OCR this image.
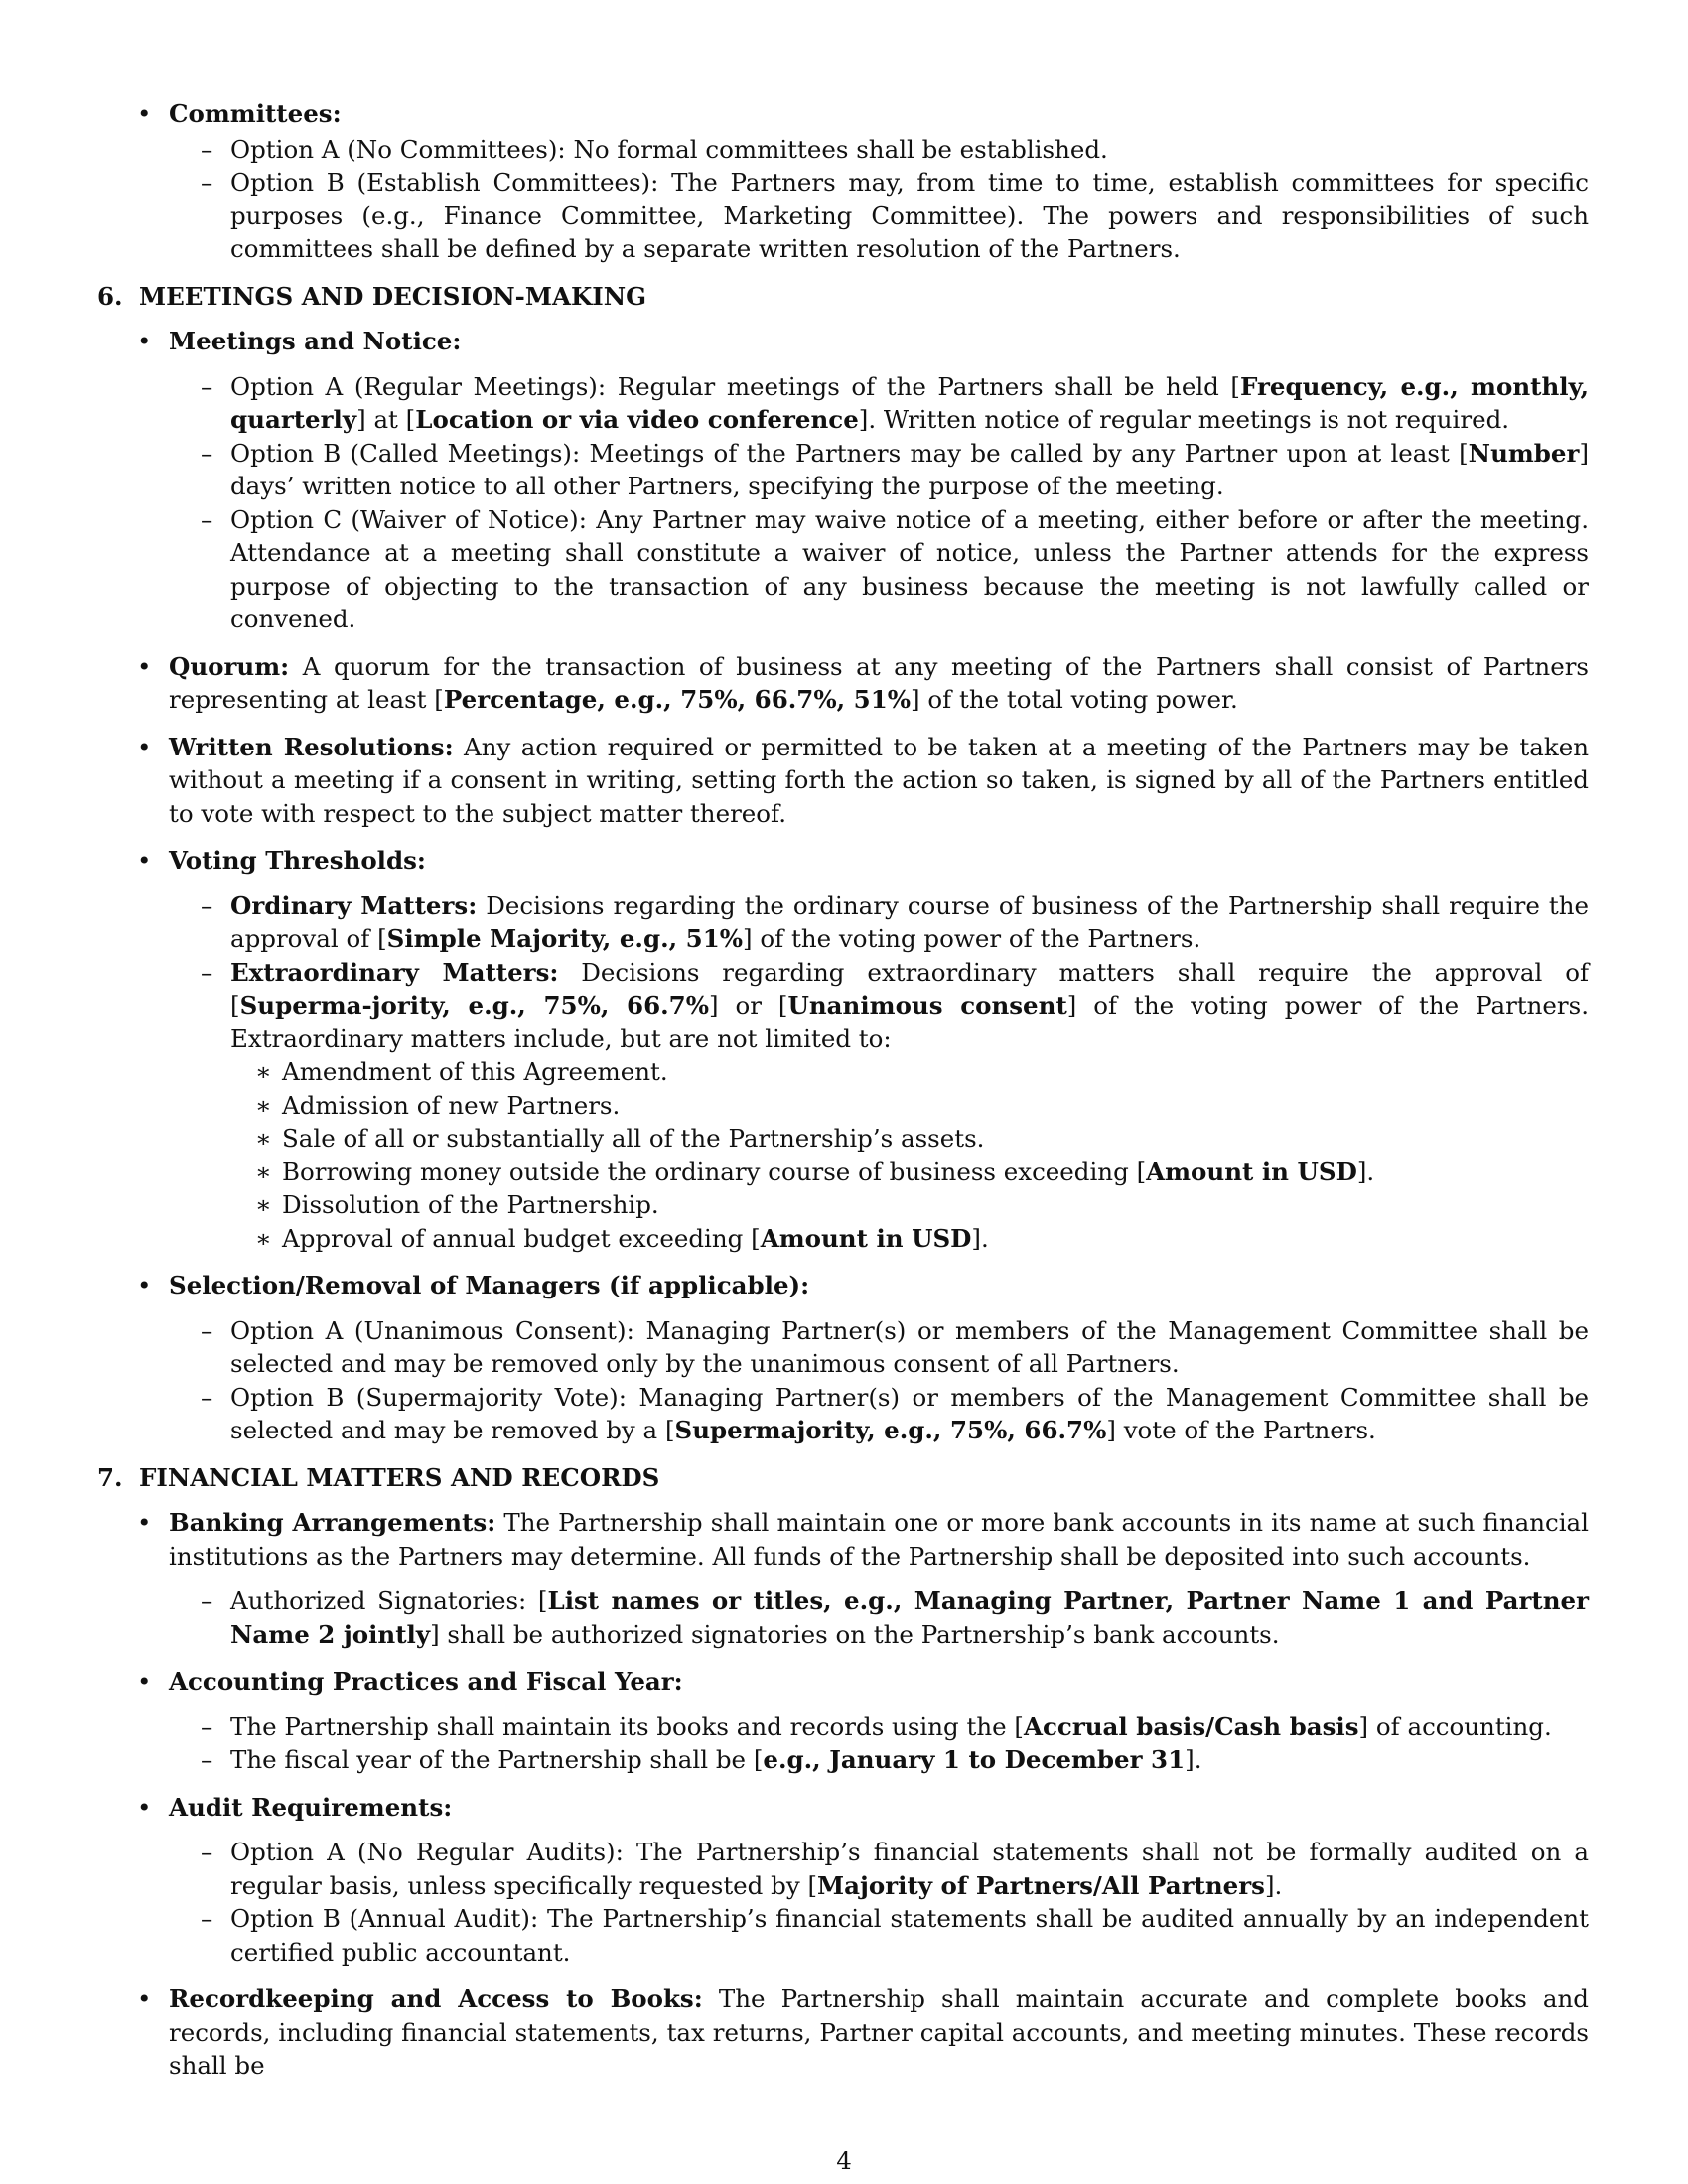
• Committees:
– Option A (No Committees): No formal committees shall be established.
– Option B (Establish Committees): The Partners may, from time to time, establish committees for specific purposes (e.g., Finance Committee, Marketing Committee). The powers and responsibilities of such committees shall be defined by a separate written resolution of the Partners.
6. MEETINGS AND DECISION-MAKING
• Meetings and Notice:
– Option A (Regular Meetings): Regular meetings of the Partners shall be held [Frequency, e.g., monthly, quarterly] at [Location or via video conference]. Written notice of regular meetings is not required.
– Option B (Called Meetings): Meetings of the Partners may be called by any Partner upon at least [Number] days’ written notice to all other Partners, specifying the purpose of the meeting.
– Option C (Waiver of Notice): Any Partner may waive notice of a meeting, either before or after the meeting. Attendance at a meeting shall constitute a waiver of notice, unless the Partner attends for the express purpose of objecting to the transaction of any business because the meeting is not lawfully called or convened.
• Quorum: A quorum for the transaction of business at any meeting of the Partners shall consist of Partners representing at least [Percentage, e.g., 75%, 66.7%, 51%] of the total voting power.
• Written Resolutions: Any action required or permitted to be taken at a meeting of the Partners may be taken without a meeting if a consent in writing, setting forth the action so taken, is signed by all of the Partners entitled to vote with respect to the subject matter thereof.
• Voting Thresholds:
– Ordinary Matters: Decisions regarding the ordinary course of business of the Partnership shall require the approval of [Simple Majority, e.g., 51%] of the voting power of the Partners.
– Extraordinary Matters: Decisions regarding extraordinary matters shall require the approval of [Superma-jority, e.g., 75%, 66.7%] or [Unanimous consent] of the voting power of the Partners. Extraordinary matters include, but are not limited to:
∗ Amendment of this Agreement.
∗ Admission of new Partners.
∗ Sale of all or substantially all of the Partnership’s assets.
∗ Borrowing money outside the ordinary course of business exceeding [Amount in USD].
∗ Dissolution of the Partnership.
∗ Approval of annual budget exceeding [Amount in USD].
• Selection/Removal of Managers (if applicable):
– Option A (Unanimous Consent): Managing Partner(s) or members of the Management Committee shall be selected and may be removed only by the unanimous consent of all Partners.
– Option B (Supermajority Vote): Managing Partner(s) or members of the Management Committee shall be selected and may be removed by a [Supermajority, e.g., 75%, 66.7%] vote of the Partners.
7. FINANCIAL MATTERS AND RECORDS
• Banking Arrangements: The Partnership shall maintain one or more bank accounts in its name at such financial institutions as the Partners may determine. All funds of the Partnership shall be deposited into such accounts.
– Authorized Signatories: [List names or titles, e.g., Managing Partner, Partner Name 1 and Partner Name 2 jointly] shall be authorized signatories on the Partnership’s bank accounts.
• Accounting Practices and Fiscal Year:
– The Partnership shall maintain its books and records using the [Accrual basis/Cash basis] of accounting.
– The fiscal year of the Partnership shall be [e.g., January 1 to December 31].
• Audit Requirements:
– Option A (No Regular Audits): The Partnership’s financial statements shall not be formally audited on a regular basis, unless specifically requested by [Majority of Partners/All Partners].
– Option B (Annual Audit): The Partnership’s financial statements shall be audited annually by an independent certified public accountant.
• Recordkeeping and Access to Books: The Partnership shall maintain accurate and complete books and records, including financial statements, tax returns, Partner capital accounts, and meeting minutes. These records shall be
4
